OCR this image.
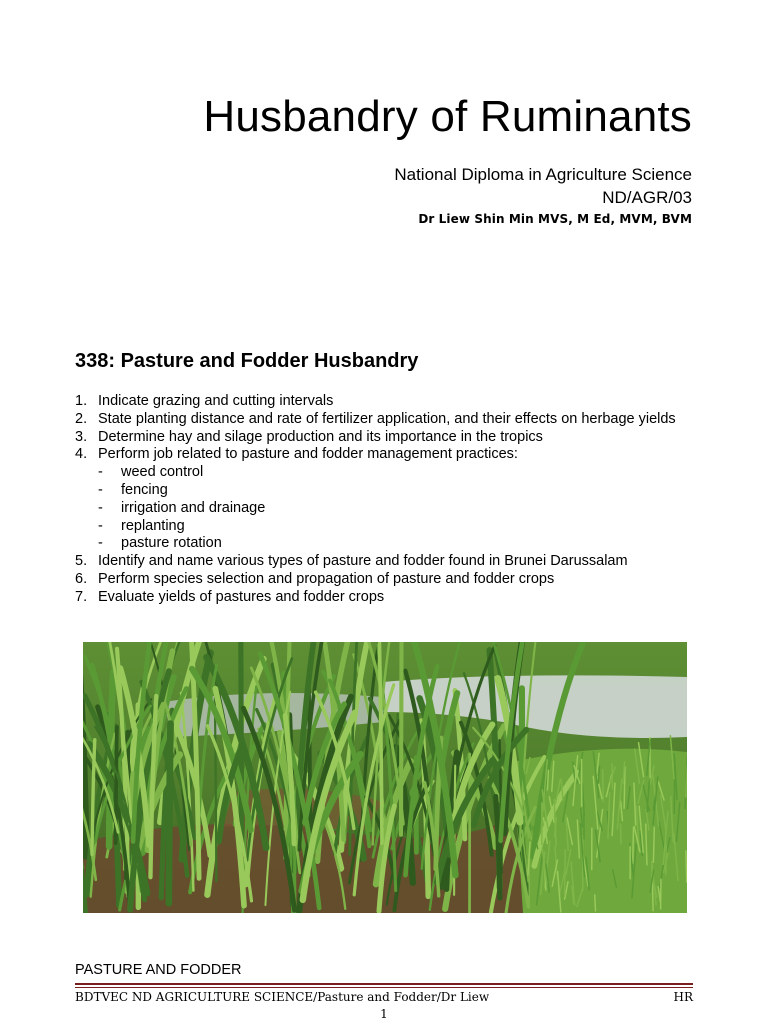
Husbandry of Ruminants
National Diploma in Agriculture Science
ND/AGR/03
Dr Liew Shin Min MVS, M Ed, MVM, BVM
338: Pasture and Fodder Husbandry
1. Indicate grazing and cutting intervals
2. State planting distance and rate of fertilizer application, and their effects on herbage yields
3. Determine hay and silage production and its importance in the tropics
4. Perform job related to pasture and fodder management practices:
- weed control
- fencing
- irrigation and drainage
- replanting
- pasture rotation
5. Identify and name various types of pasture and fodder found in Brunei Darussalam
6. Perform species selection and propagation of pasture and fodder crops
7. Evaluate yields of pastures and fodder crops
PASTURE AND FODDER
BDTVEC ND AGRICULTURE SCIENCE/Pasture and Fodder/Dr Liew	HR
1
